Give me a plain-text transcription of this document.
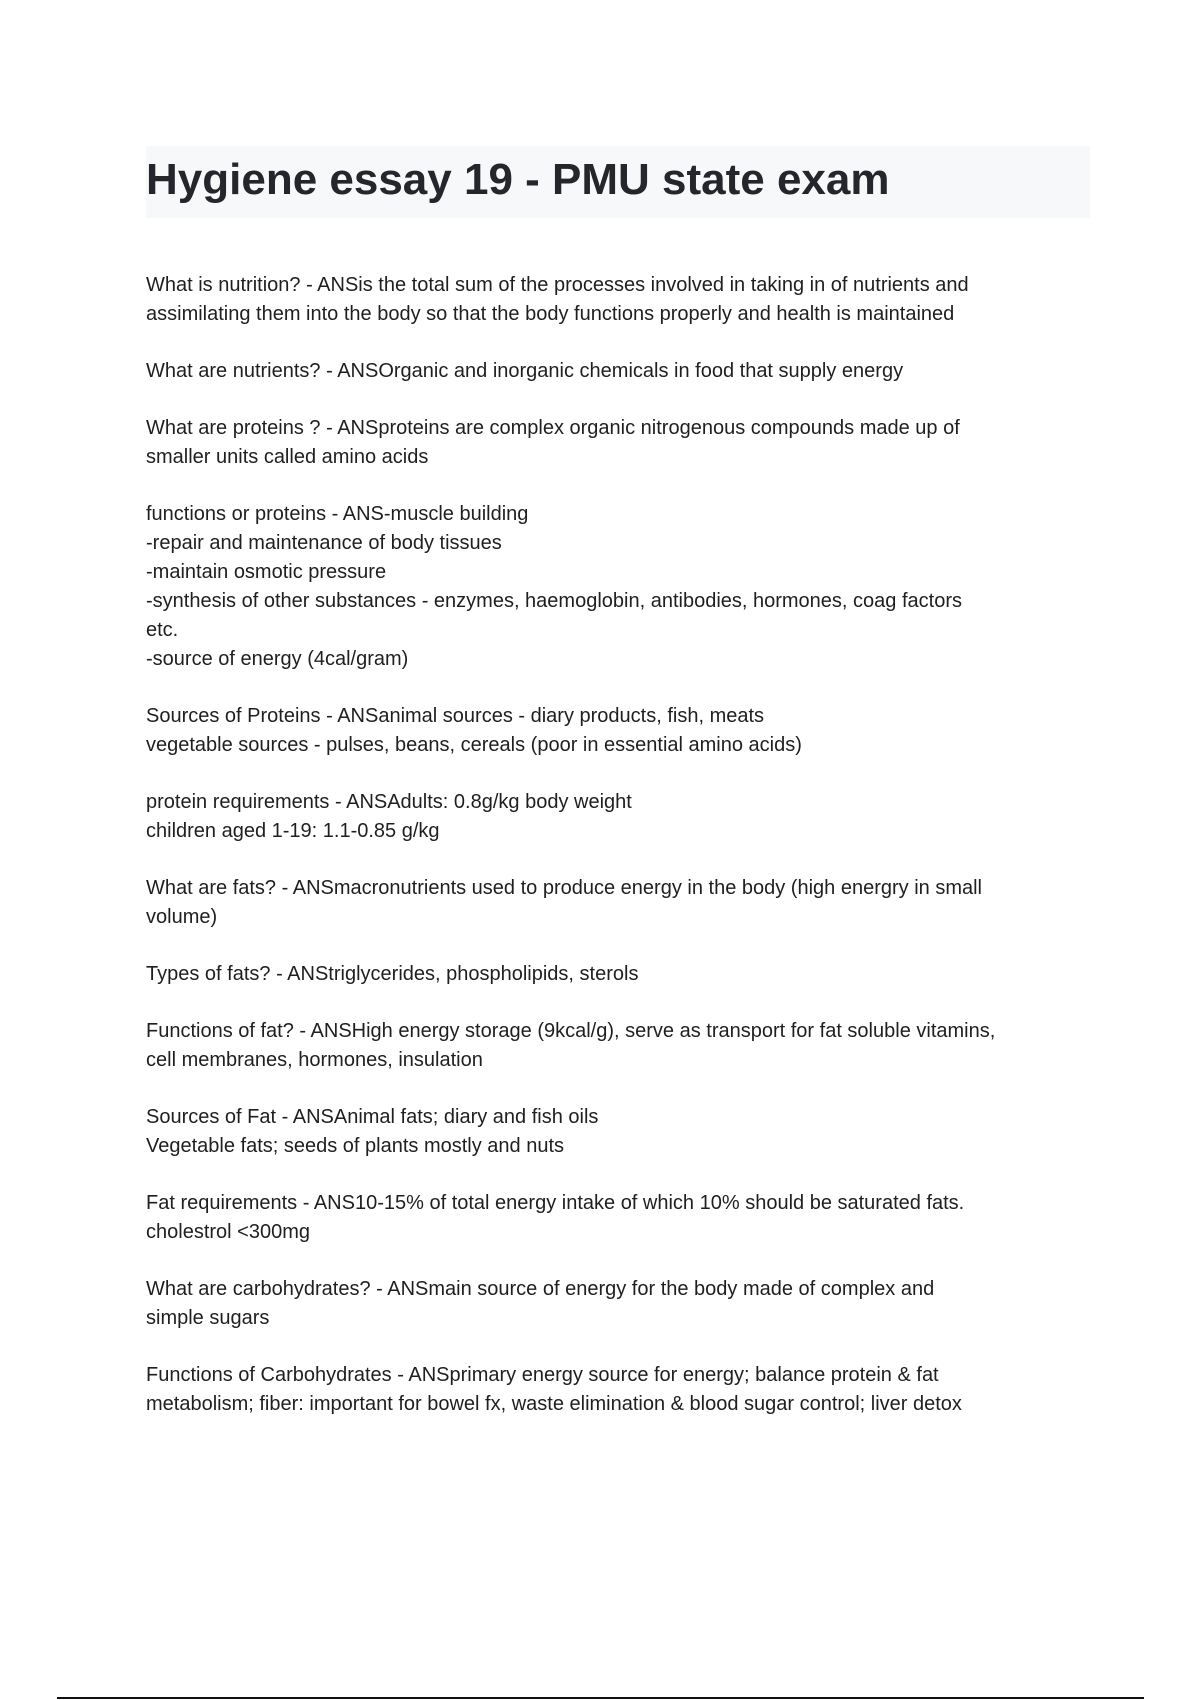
Hygiene essay 19 - PMU state exam

What is nutrition? - ANSis the total sum of the processes involved in taking in of nutrients and
assimilating them into the body so that the body functions properly and health is maintained

What are nutrients? - ANSOrganic and inorganic chemicals in food that supply energy

What are proteins ? - ANSproteins are complex organic nitrogenous compounds made up of
smaller units called amino acids

functions or proteins - ANS-muscle building
-repair and maintenance of body tissues
-maintain osmotic pressure
-synthesis of other substances - enzymes, haemoglobin, antibodies, hormones, coag factors
etc.
-source of energy (4cal/gram)

Sources of Proteins - ANSanimal sources - diary products, fish, meats
vegetable sources - pulses, beans, cereals (poor in essential amino acids)

protein requirements - ANSAdults: 0.8g/kg body weight
children aged 1-19: 1.1-0.85 g/kg

What are fats? - ANSmacronutrients used to produce energy in the body (high energry in small
volume)

Types of fats? - ANStriglycerides, phospholipids, sterols

Functions of fat? - ANSHigh energy storage (9kcal/g), serve as transport for fat soluble vitamins,
cell membranes, hormones, insulation

Sources of Fat - ANSAnimal fats; diary and fish oils
Vegetable fats; seeds of plants mostly and nuts

Fat requirements - ANS10-15% of total energy intake of which 10% should be saturated fats.
cholestrol <300mg

What are carbohydrates? - ANSmain source of energy for the body made of complex and
simple sugars

Functions of Carbohydrates - ANSprimary energy source for energy; balance protein & fat
metabolism; fiber: important for bowel fx, waste elimination & blood sugar control; liver detox
